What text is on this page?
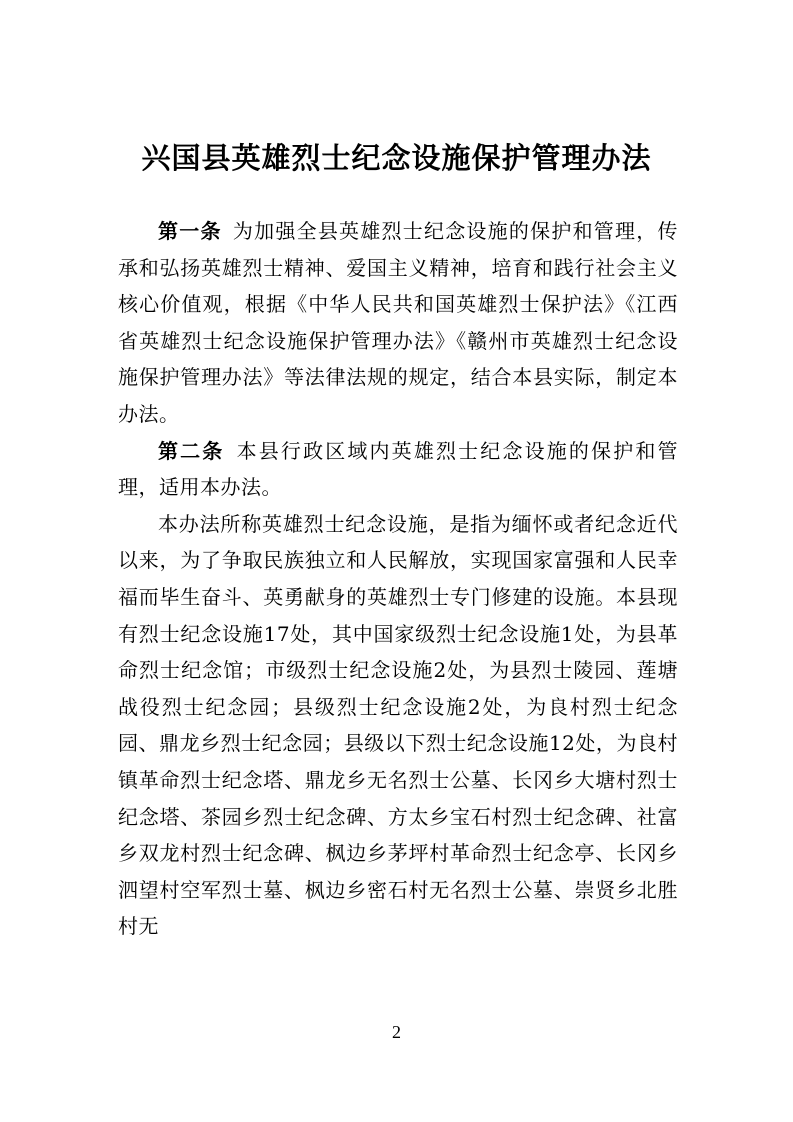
兴国县英雄烈士纪念设施保护管理办法

第一条  为加强全县英雄烈士纪念设施的保护和管理，传承和弘扬英雄烈士精神、爱国主义精神，培育和践行社会主义核心价值观，根据《中华人民共和国英雄烈士保护法》《江西省英雄烈士纪念设施保护管理办法》《赣州市英雄烈士纪念设施保护管理办法》等法律法规的规定，结合本县实际，制定本办法。

第二条  本县行政区域内英雄烈士纪念设施的保护和管理，适用本办法。

本办法所称英雄烈士纪念设施，是指为缅怀或者纪念近代以来，为了争取民族独立和人民解放，实现国家富强和人民幸福而毕生奋斗、英勇献身的英雄烈士专门修建的设施。本县现有烈士纪念设施17处，其中国家级烈士纪念设施1处，为县革命烈士纪念馆；市级烈士纪念设施2处，为县烈士陵园、莲塘战役烈士纪念园；县级烈士纪念设施2处，为良村烈士纪念园、鼎龙乡烈士纪念园；县级以下烈士纪念设施12处，为良村镇革命烈士纪念塔、鼎龙乡无名烈士公墓、长冈乡大塘村烈士纪念塔、茶园乡烈士纪念碑、方太乡宝石村烈士纪念碑、社富乡双龙村烈士纪念碑、枫边乡茅坪村革命烈士纪念亭、长冈乡泗望村空军烈士墓、枫边乡密石村无名烈士公墓、崇贤乡北胜村无

2
